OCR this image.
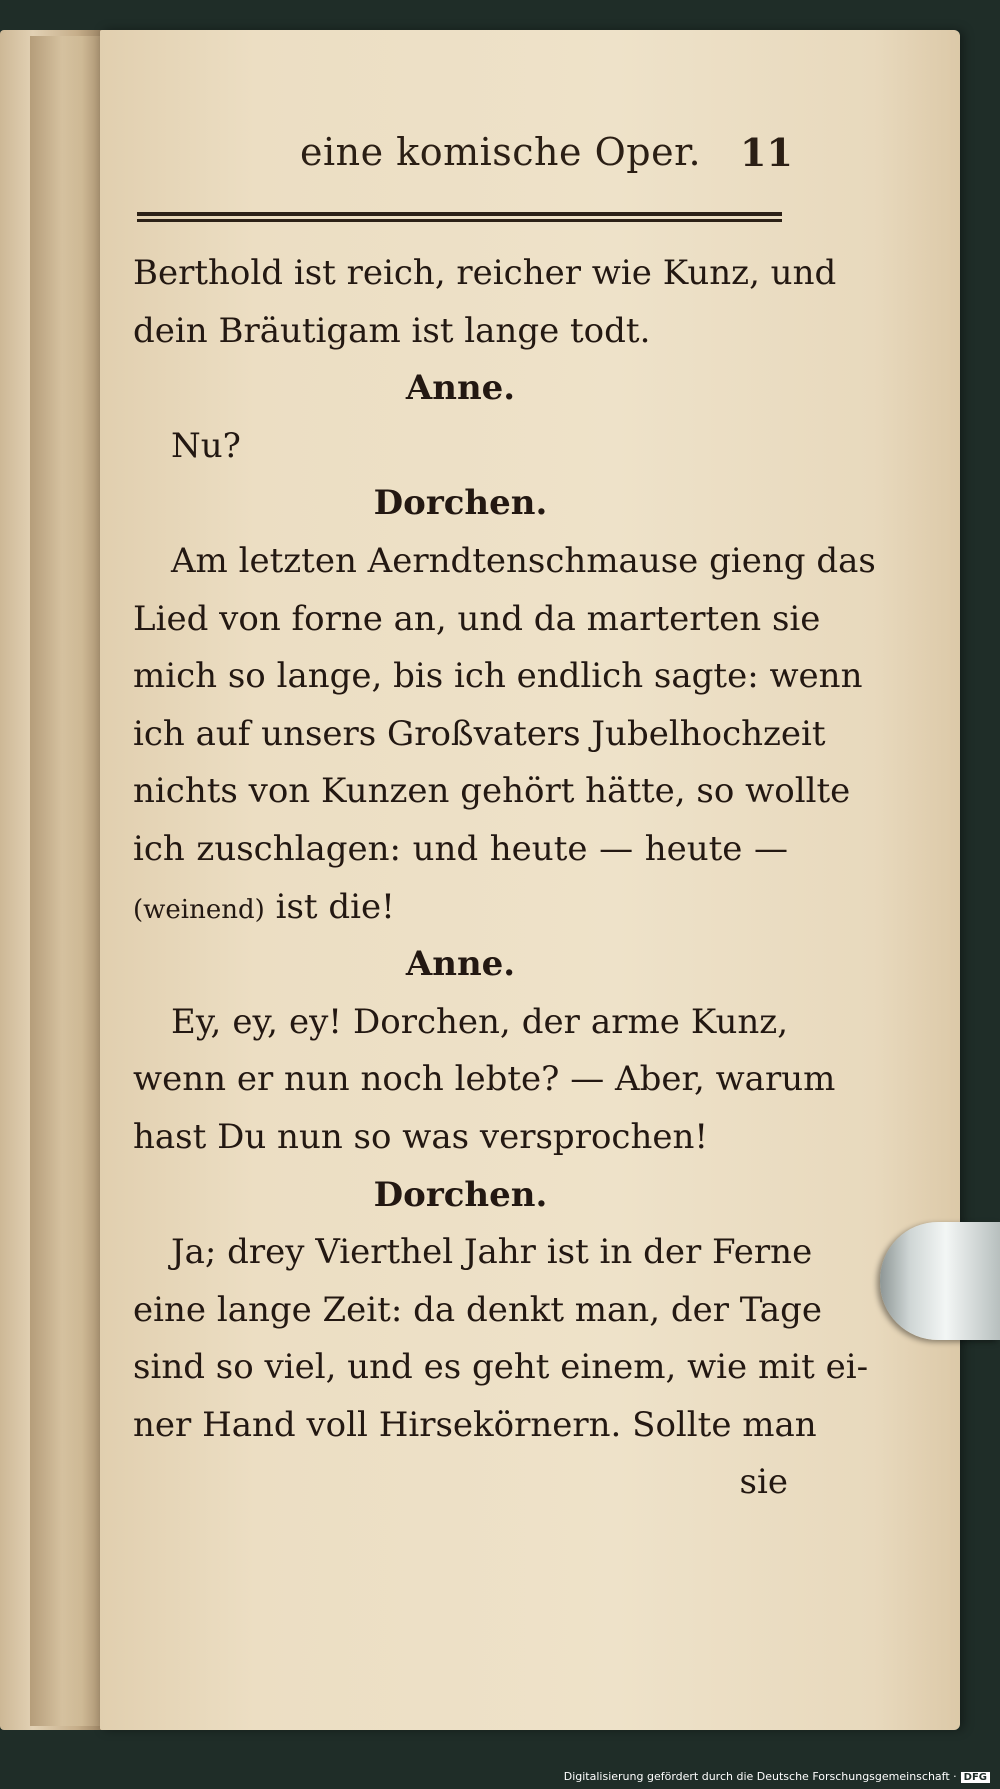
eine komische Oper. 11
Berthold ist reich, reicher wie Kunz, und
dein Bräutigam ist lange todt.
Anne.
Nu?
Dorchen.
Am letzten Aerndtenschmause gieng das
Lied von forne an, und da marterten sie
mich so lange, bis ich endlich sagte: wenn
ich auf unsers Großvaters Jubelhochzeit
nichts von Kunzen gehört hätte, so wollte
ich zuschlagen: und heute — heute —
(weinend) ist die!
Anne.
Ey, ey, ey! Dorchen, der arme Kunz,
wenn er nun noch lebte? — Aber, warum
hast Du nun so was versprochen!
Dorchen.
Ja; drey Vierthel Jahr ist in der Ferne
eine lange Zeit: da denkt man, der Tage
sind so viel, und es geht einem, wie mit ei-
ner Hand voll Hirsekörnern. Sollte man
sie
Digitalisierung gefördert durch die Deutsche Forschungsgemeinschaft · DFG
